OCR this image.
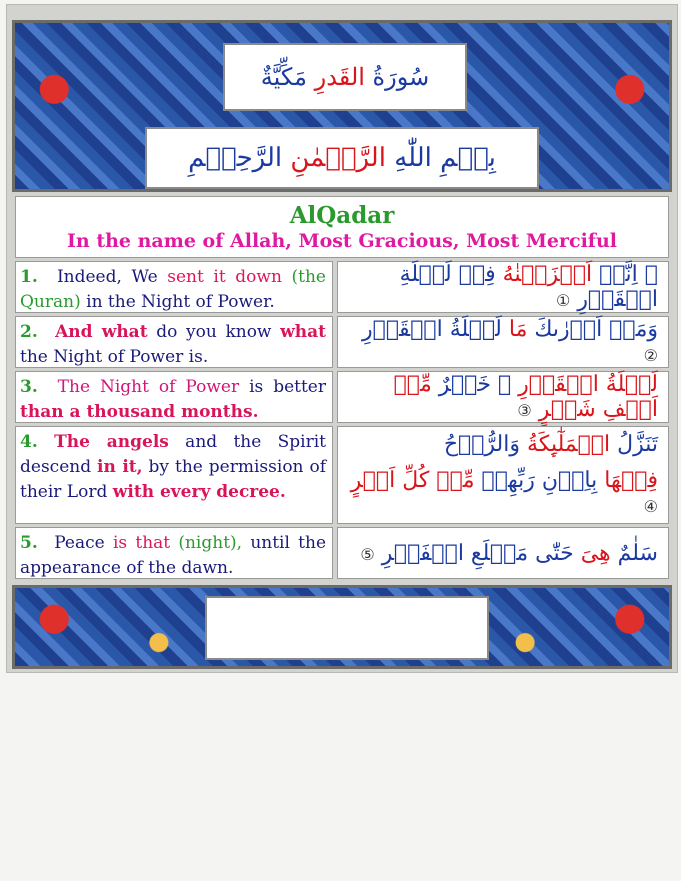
سُورَةُ القَدرِ مَكِّيَّةٌ
بِسۡمِ اللّٰهِ الرَّحۡمٰنِ الرَّحِيۡمِ
AlQadar
In the name of Allah, Most Gracious, Most Merciful
1. Indeed, We sent it down (the Quran) in the Night of Power.
۞ اِنَّاۤ اَنۡزَلۡنٰهُ فِىۡ لَيۡلَةِ الۡقَدۡرِ ①
2. And what do you know what the Night of Power is.
وَمَاۤ اَدۡرٰٮكَ مَا لَيۡلَةُ الۡقَدۡرِ ②
3. The Night of Power is better than a thousand months.
لَيۡلَةُ الۡقَدۡرِ ۙ خَيۡرٌ مِّنۡ اَلۡفِ شَهۡرٍ ③
4. The angels and the Spirit descend in it, by the permission of their Lord with every decree.
تَنَزَّلُ الۡمَلٰٓٮِٕكَةُ وَالرُّوۡحُ
فِيۡهَا بِاِذۡنِ رَبِّهِمۡ مِّنۡ كُلِّ اَمۡرٍ ④
5. Peace is that (night), until the appearance of the dawn.
سَلٰمٌ هِىَ حَتّٰى مَطۡلَعِ الۡفَجۡرِ ⑤
